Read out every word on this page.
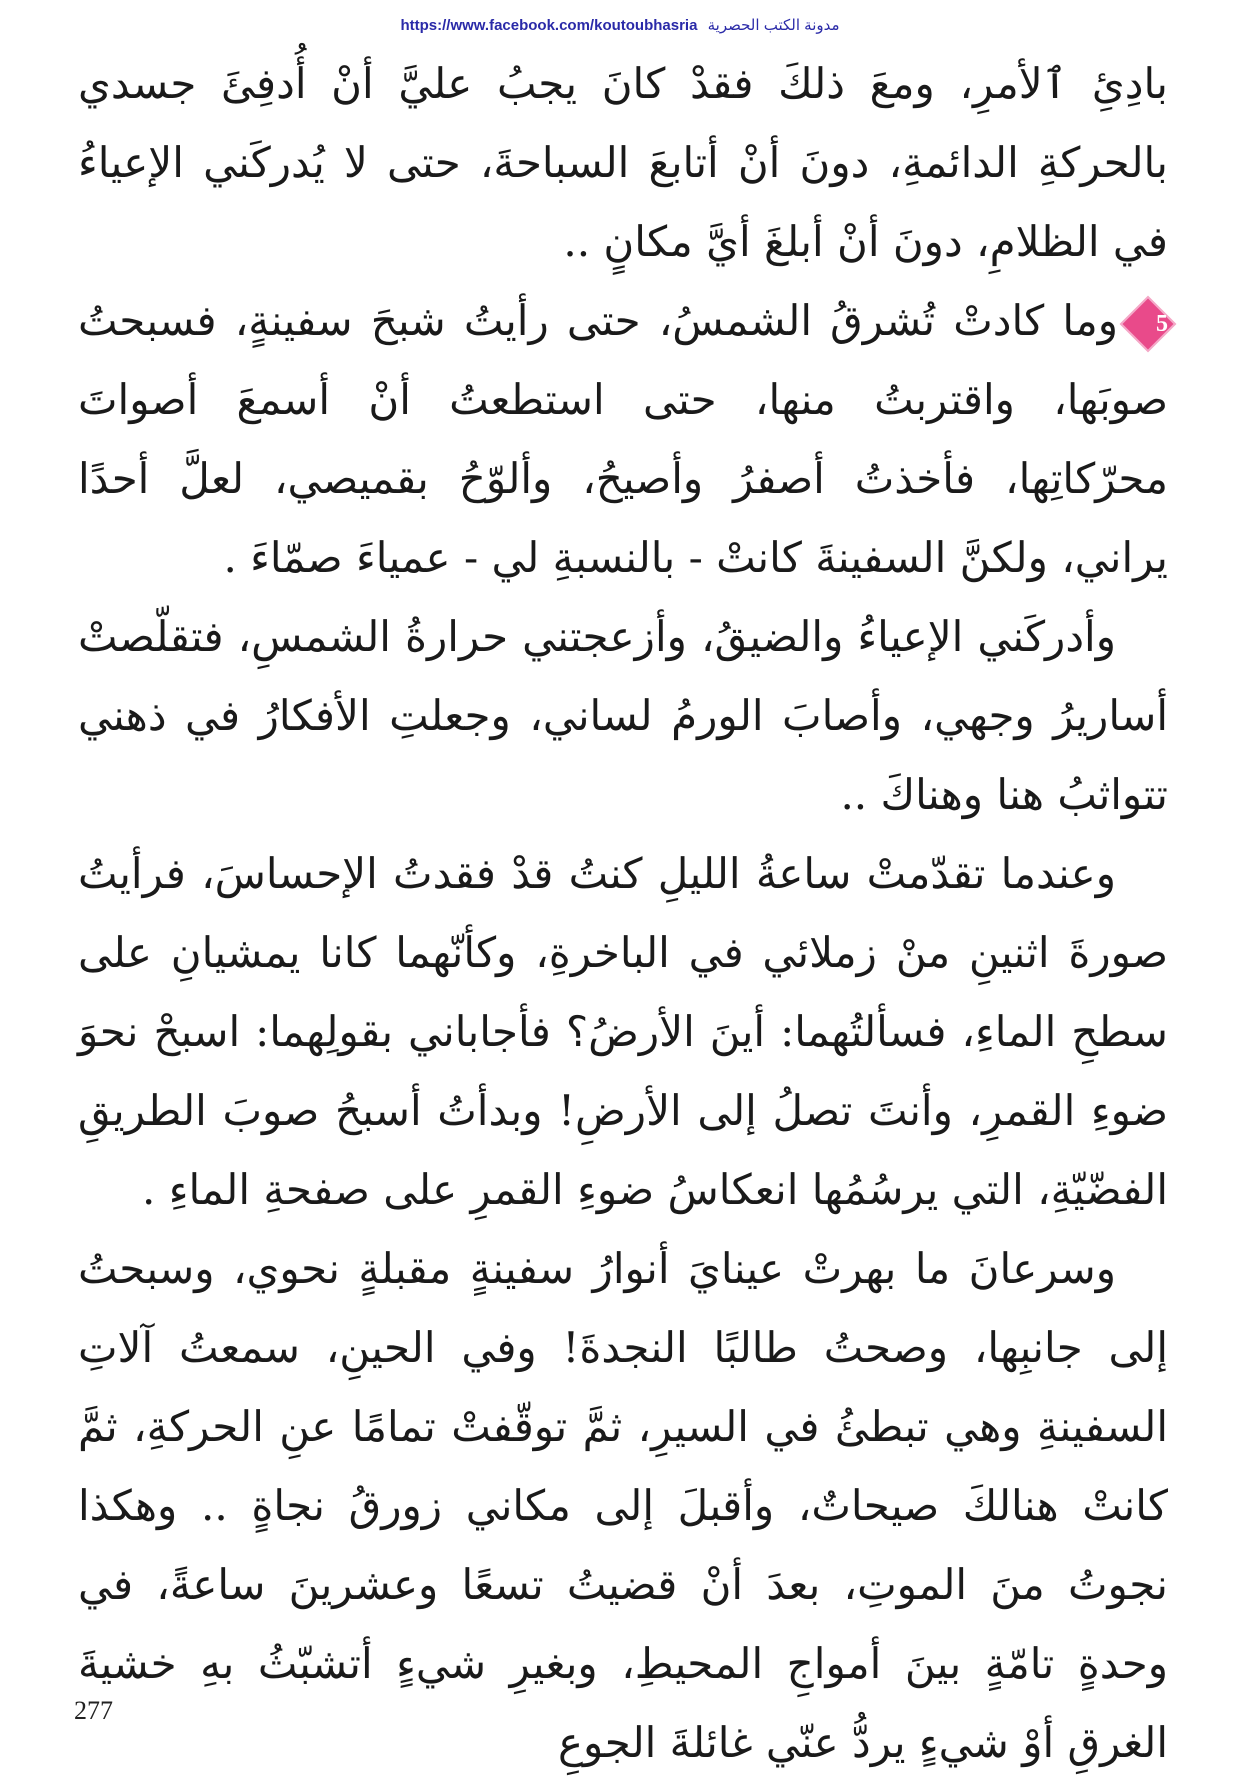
https://www.facebook.com/koutoubhasria مدونة الكتب الحصرية

بادِئِ ٱلأمرِ، ومعَ ذلكَ فقدْ كانَ يجبُ عليَّ أنْ أُدفِئَ جسدي بالحركةِ الدائمةِ، دونَ أنْ أتابعَ السباحةَ، حتى لا يُدركَني الإعياءُ في الظلامِ، دونَ أنْ أبلغَ أيَّ مكانٍ ..

5
وما كادتْ تُشرقُ الشمسُ، حتى رأيتُ شبحَ سفينةٍ، فسبحتُ صوبَها، واقتربتُ منها، حتى استطعتُ أنْ أسمعَ أصواتَ محرّكاتِها، فأخذتُ أصفرُ وأصيحُ، وألوّحُ بقميصي، لعلَّ أحدًا يراني، ولكنَّ السفينةَ كانتْ - بالنسبةِ لي - عمياءَ صمّاءَ .

وأدركَني الإعياءُ والضيقُ، وأزعجتني حرارةُ الشمسِ، فتقلّصتْ أساريرُ وجهي، وأصابَ الورمُ لساني، وجعلتِ الأفكارُ في ذهني تتواثبُ هنا وهناكَ ..

وعندما تقدّمتْ ساعةُ الليلِ كنتُ قدْ فقدتُ الإحساسَ، فرأيتُ صورةَ اثنينِ منْ زملائي في الباخرةِ، وكأنّهما كانا يمشيانِ على سطحِ الماءِ، فسألتُهما: أينَ الأرضُ؟ فأجاباني بقولِهما: اسبحْ نحوَ ضوءِ القمرِ، وأنتَ تصلُ إلى الأرضِ! وبدأتُ أسبحُ صوبَ الطريقِ الفضّيّةِ، التي يرسُمُها انعكاسُ ضوءِ القمرِ على صفحةِ الماءِ .

وسرعانَ ما بهرتْ عينايَ أنوارُ سفينةٍ مقبلةٍ نحوي، وسبحتُ إلى جانبِها، وصحتُ طالبًا النجدةَ! وفي الحينِ، سمعتُ آلاتِ السفينةِ وهي تبطئُ في السيرِ، ثمَّ توقّفتْ تمامًا عنِ الحركةِ، ثمَّ كانتْ هنالكَ صيحاتٌ، وأقبلَ إلى مكاني زورقُ نجاةٍ .. وهكذا نجوتُ منَ الموتِ، بعدَ أنْ قضيتُ تسعًا وعشرينَ ساعةً، في وحدةٍ تامّةٍ بينَ أمواجِ المحيطِ، وبغيرِ شيءٍ أتشبّثُ بهِ خشيةَ الغرقِ أوْ شيءٍ يردُّ عنّي غائلةَ الجوعِ

277
